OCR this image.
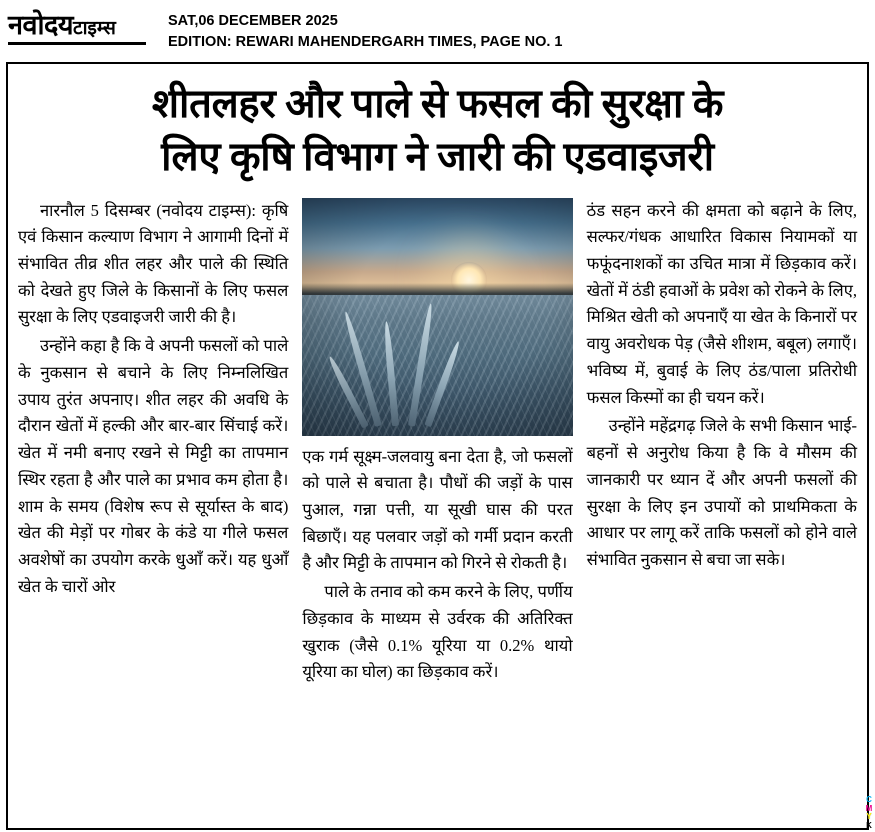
नवोदयटाइम्स	SAT,06 DECEMBER 2025
EDITION: REWARI MAHENDERGARH TIMES, PAGE NO. 1
शीतलहर और पाले से फसल की सुरक्षा के
लिए कृषि विभाग ने जारी की एडवाइजरी

नारनौल 5 दिसम्बर (नवोदय टाइम्स): कृषि एवं किसान कल्याण विभाग ने आगामी दिनों में संभावित तीव्र शीत लहर और पाले की स्थिति को देखते हुए जिले के किसानों के लिए फसल सुरक्षा के लिए एडवाइजरी जारी की है।

उन्होंने कहा है कि वे अपनी फसलों को पाले के नुकसान से बचाने के लिए निम्नलिखित उपाय तुरंत अपनाए। शीत लहर की अवधि के दौरान खेतों में हल्की और बार-बार सिंचाई करें। खेत में नमी बनाए रखने से मिट्टी का तापमान स्थिर रहता है और पाले का प्रभाव कम होता है। शाम के समय (विशेष रूप से सूर्यास्त के बाद) खेत की मेड़ों पर गोबर के कंडे या गीले फसल अवशेषों का उपयोग करके धुआँ करें। यह धुआँ खेत के चारों ओर

एक गर्म सूक्ष्म-जलवायु बना देता है, जो फसलों को पाले से बचाता है। पौधों की जड़ों के पास पुआल, गन्ना पत्ती, या सूखी घास की परत बिछाएँ। यह पलवार जड़ों को गर्मी प्रदान करती है और मिट्टी के तापमान को गिरने से रोकती है।

पाले के तनाव को कम करने के लिए, पर्णीय छिड़काव के माध्यम से उर्वरक की अतिरिक्त खुराक (जैसे 0.1% यूरिया या 0.2% थायो यूरिया का घोल) का छिड़काव करें।

ठंड सहन करने की क्षमता को बढ़ाने के लिए, सल्फर/गंधक आधारित विकास नियामकों या फफूंदनाशकों का उचित मात्रा में छिड़काव करें। खेतों में ठंडी हवाओं के प्रवेश को रोकने के लिए, मिश्रित खेती को अपनाएँ या खेत के किनारों पर वायु अवरोधक पेड़ (जैसे शीशम, बबूल) लगाएँ। भविष्य में, बुवाई के लिए ठंड/पाला प्रतिरोधी फसल किस्मों का ही चयन करें।

उन्होंने महेंद्रगढ़ जिले के सभी किसान भाई-बहनों से अनुरोध किया है कि वे मौसम की जानकारी पर ध्यान दें और अपनी फसलों की सुरक्षा के लिए इन उपायों को प्राथमिकता के आधार पर लागू करें ताकि फसलों को होने वाले संभावित नुकसान से बचा जा सके।

C
M
Y
K
